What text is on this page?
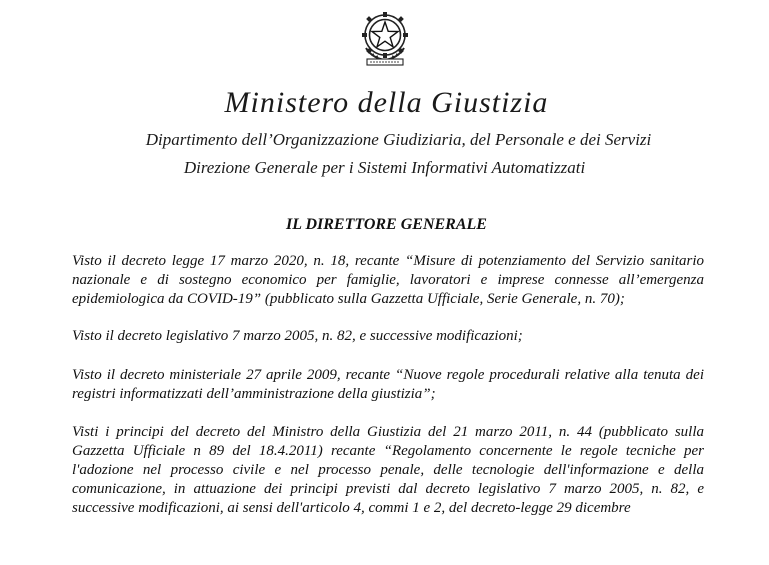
Ministero della Giustizia

Dipartimento dell’Organizzazione Giudiziaria, del Personale e dei Servizi

Direzione Generale per i Sistemi Informativi Automatizzati

IL DIRETTORE GENERALE

Visto il decreto legge 17 marzo 2020, n. 18, recante “Misure di potenziamento del Servizio sanitario nazionale e di sostegno economico per famiglie, lavoratori e imprese connesse all’emergenza epidemiologica da COVID-19” (pubblicato sulla Gazzetta Ufficiale, Serie Generale, n. 70);

Visto il decreto legislativo 7 marzo 2005, n. 82, e successive modificazioni;

Visto il decreto ministeriale 27 aprile 2009, recante “Nuove regole procedurali relative alla tenuta dei registri informatizzati dell’amministrazione della giustizia”;

Visti i principi del decreto del Ministro della Giustizia del 21 marzo 2011, n. 44 (pubblicato sulla Gazzetta Ufficiale n 89 del 18.4.2011) recante “Regolamento concernente le regole tecniche per l'adozione nel processo civile e nel processo penale, delle tecnologie dell'informazione e della comunicazione, in attuazione dei principi previsti dal decreto legislativo 7 marzo 2005, n. 82, e successive modificazioni, ai sensi dell'articolo 4, commi 1 e 2, del decreto-legge 29 dicembre
